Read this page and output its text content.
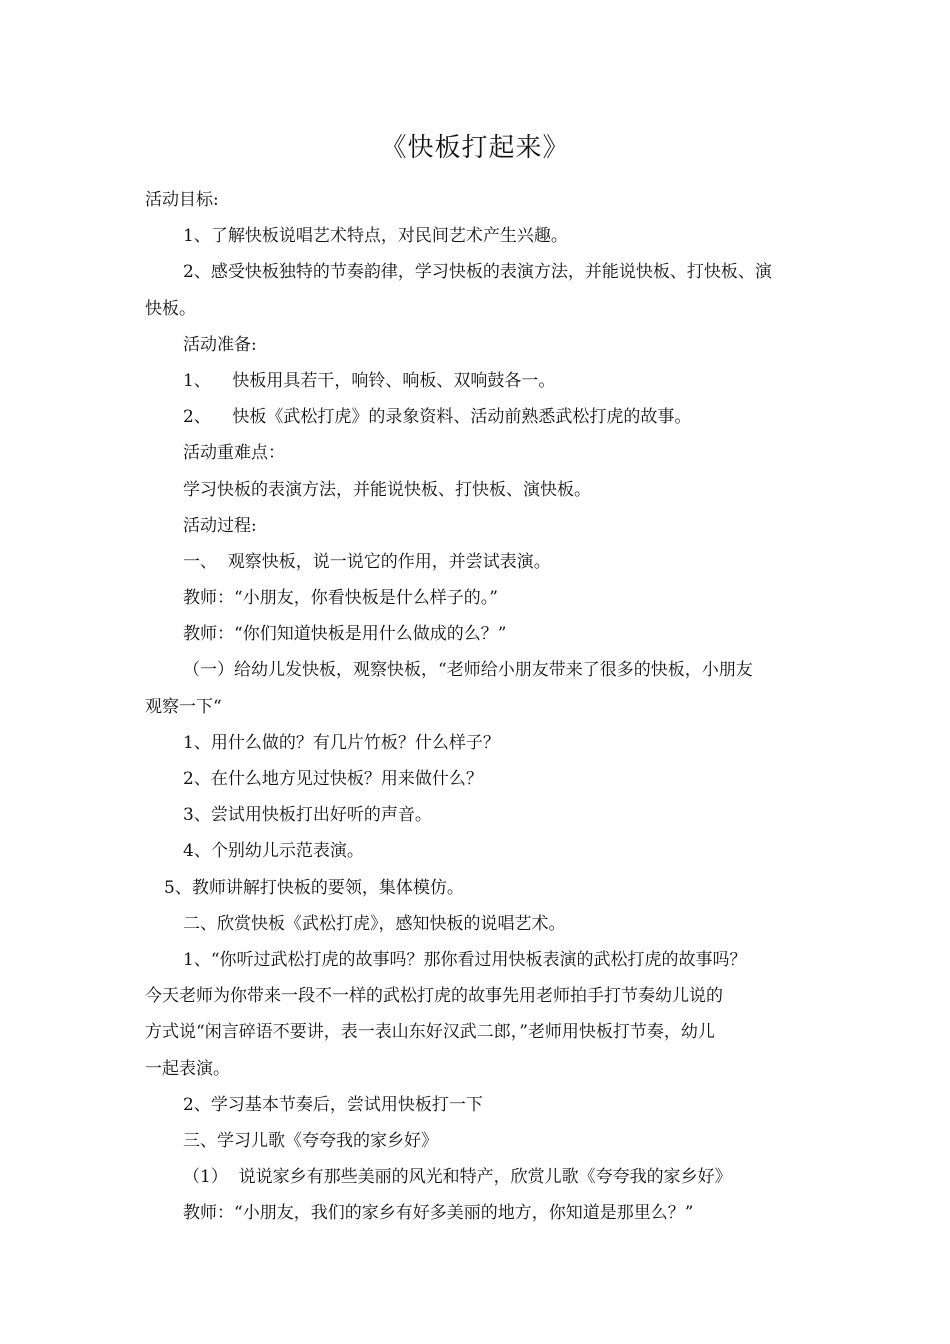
《快板打起来》
活动目标:
1、了解快板说唱艺术特点，对民间艺术产生兴趣。
2、感受快板独特的节奏韵律，学习快板的表演方法，并能说快板、打快板、演
快板。
活动准备:
1、    快板用具若干，响铃、响板、双响鼓各一。
2、    快板《武松打虎》的录象资料、活动前熟悉武松打虎的故事。
活动重难点：
学习快板的表演方法，并能说快板、打快板、演快板。
活动过程:
一、  观察快板，说一说它的作用，并尝试表演。
教师：“小朋友，你看快板是什么样子的。”
教师：“你们知道快板是用什么做成的么？”
（一）给幼儿发快板，观察快板，“老师给小朋友带来了很多的快板，小朋友
观察一下“
1、用什么做的？有几片竹板？什么样子？
2、在什么地方见过快板？用来做什么？
3、尝试用快板打出好听的声音。
4、个别幼儿示范表演。
5、教师讲解打快板的要领，集体模仿。
二、欣赏快板《武松打虎》，感知快板的说唱艺术。
1、“你听过武松打虎的故事吗？那你看过用快板表演的武松打虎的故事吗？
今天老师为你带来一段不一样的武松打虎的故事先用老师拍手打节奏幼儿说的
方式说“闲言碎语不要讲，表一表山东好汉武二郎，”老师用快板打节奏，幼儿
一起表演。
2、学习基本节奏后，尝试用快板打一下
三、学习儿歌《夸夸我的家乡好》
（1）  说说家乡有那些美丽的风光和特产，欣赏儿歌《夸夸我的家乡好》
教师：“小朋友，我们的家乡有好多美丽的地方，你知道是那里么？”
